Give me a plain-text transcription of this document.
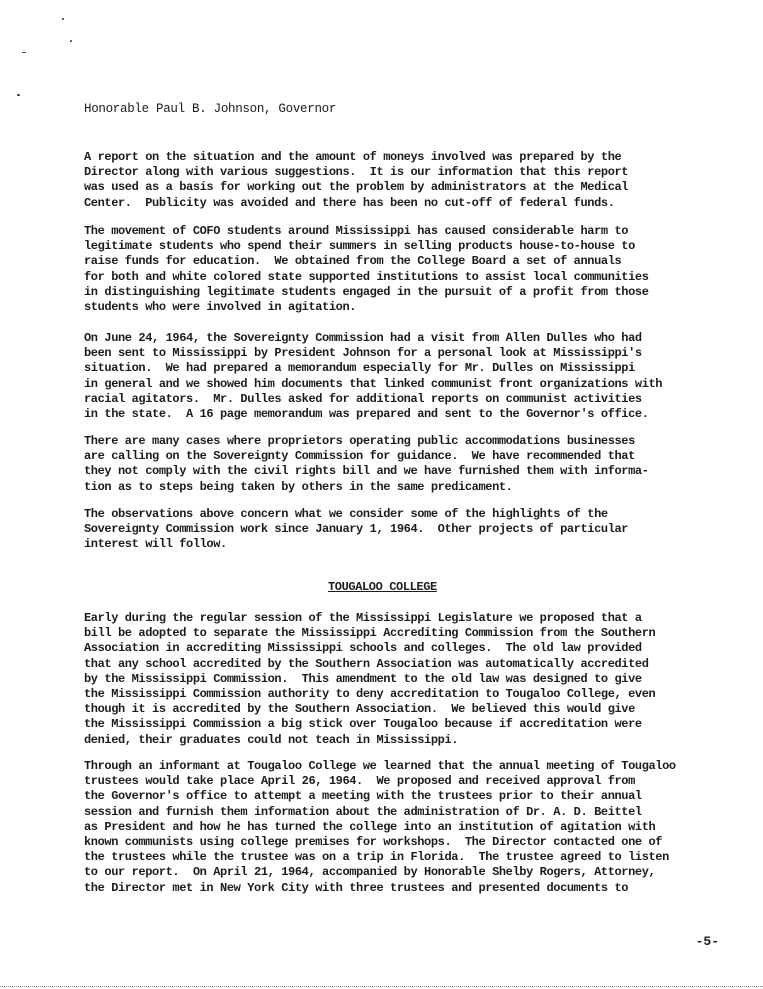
Honorable Paul B. Johnson, Governor

A report on the situation and the amount of moneys involved was prepared by the
Director along with various suggestions.  It is our information that this report
was used as a basis for working out the problem by administrators at the Medical
Center.  Publicity was avoided and there has been no cut-off of federal funds.

The movement of COFO students around Mississippi has caused considerable harm to
legitimate students who spend their summers in selling products house-to-house to
raise funds for education.  We obtained from the College Board a set of annuals
for both and white colored state supported institutions to assist local communities
in distinguishing legitimate students engaged in the pursuit of a profit from those
students who were involved in agitation.

On June 24, 1964, the Sovereignty Commission had a visit from Allen Dulles who had
been sent to Mississippi by President Johnson for a personal look at Mississippi's
situation.  We had prepared a memorandum especially for Mr. Dulles on Mississippi
in general and we showed him documents that linked communist front organizations with
racial agitators.  Mr. Dulles asked for additional reports on communist activities
in the state.  A 16 page memorandum was prepared and sent to the Governor's office.

There are many cases where proprietors operating public accommodations businesses
are calling on the Sovereignty Commission for guidance.  We have recommended that
they not comply with the civil rights bill and we have furnished them with informa-
tion as to steps being taken by others in the same predicament.

The observations above concern what we consider some of the highlights of the
Sovereignty Commission work since January 1, 1964.  Other projects of particular
interest will follow.

TOUGALOO COLLEGE

Early during the regular session of the Mississippi Legislature we proposed that a
bill be adopted to separate the Mississippi Accrediting Commission from the Southern
Association in accrediting Mississippi schools and colleges.  The old law provided
that any school accredited by the Southern Association was automatically accredited
by the Mississippi Commission.  This amendment to the old law was designed to give
the Mississippi Commission authority to deny accreditation to Tougaloo College, even
though it is accredited by the Southern Association.  We believed this would give
the Mississippi Commission a big stick over Tougaloo because if accreditation were
denied, their graduates could not teach in Mississippi.

Through an informant at Tougaloo College we learned that the annual meeting of Tougaloo
trustees would take place April 26, 1964.  We proposed and received approval from
the Governor's office to attempt a meeting with the trustees prior to their annual
session and furnish them information about the administration of Dr. A. D. Beittel
as President and how he has turned the college into an institution of agitation with
known communists using college premises for workshops.  The Director contacted one of
the trustees while the trustee was on a trip in Florida.  The trustee agreed to listen
to our report.  On April 21, 1964, accompanied by Honorable Shelby Rogers, Attorney,
the Director met in New York City with three trustees and presented documents to

-5-
